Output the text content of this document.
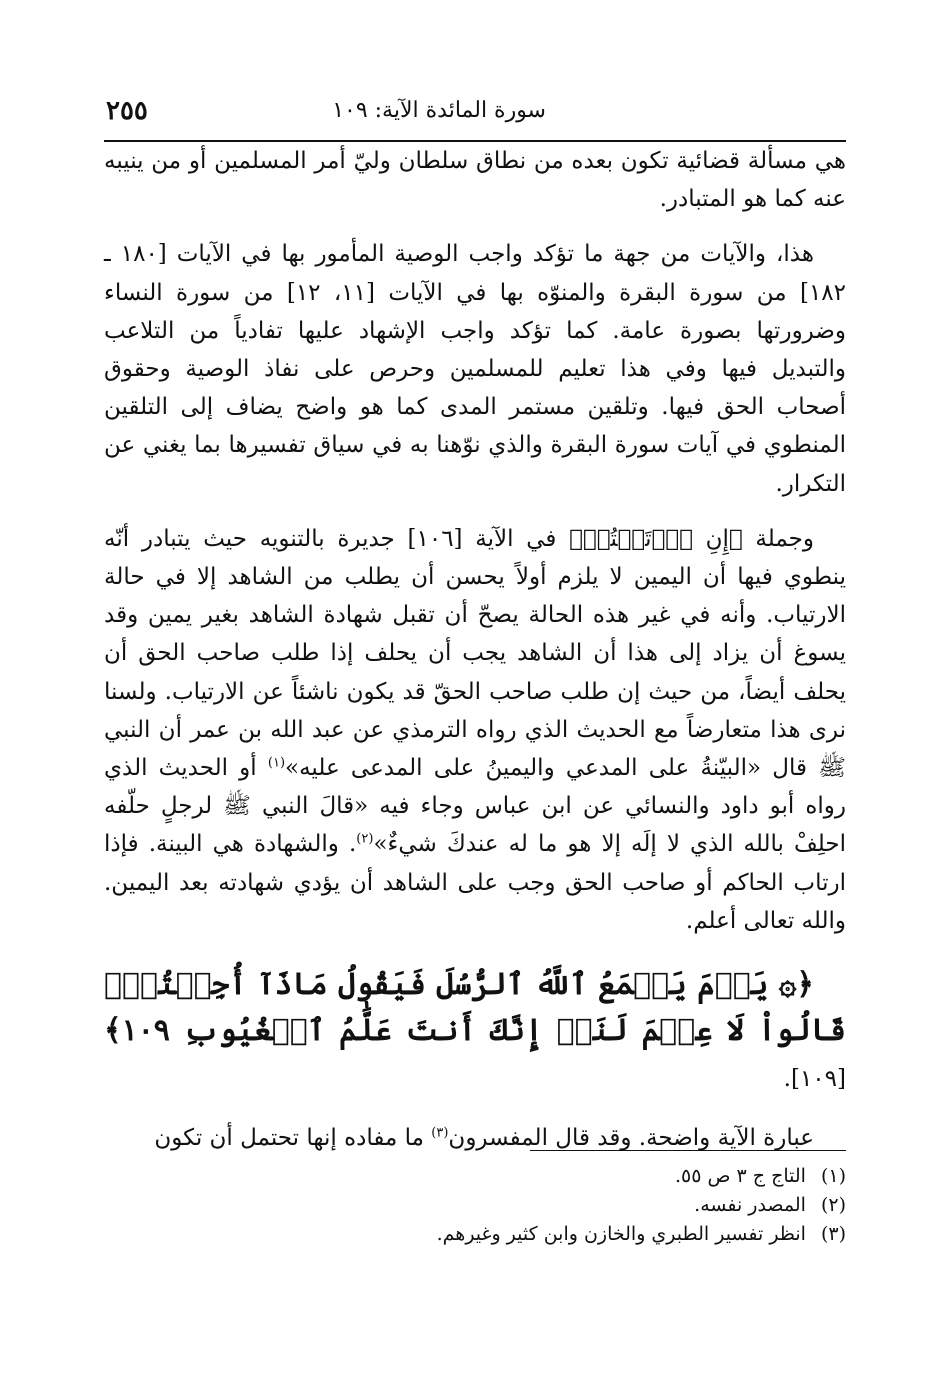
سورة المائدة الآية: ١٠٩
٢٥٥

هي مسألة قضائية تكون بعده من نطاق سلطان وليّ أمر المسلمين أو من ينيبه عنه كما هو المتبادر.

هذا، والآيات من جهة ما تؤكد واجب الوصية المأمور بها في الآيات [١٨٠ ـ ١٨٢] من سورة البقرة والمنوّه بها في الآيات [١١، ١٢] من سورة النساء وضرورتها بصورة عامة. كما تؤكد واجب الإشهاد عليها تفادياً من التلاعب والتبديل فيها وفي هذا تعليم للمسلمين وحرص على نفاذ الوصية وحقوق أصحاب الحق فيها. وتلقين مستمر المدى كما هو واضح يضاف إلى التلقين المنطوي في آيات سورة البقرة والذي نوّهنا به في سياق تفسيرها بما يغني عن التكرار.

وجملة ﴿إِنِ ٱرۡتَبۡتُمۡ﴾ في الآية [١٠٦] جديرة بالتنويه حيث يتبادر أنّه ينطوي فيها أن اليمين لا يلزم أولاً يحسن أن يطلب من الشاهد إلا في حالة الارتياب. وأنه في غير هذه الحالة يصحّ أن تقبل شهادة الشاهد بغير يمين وقد يسوغ أن يزاد إلى هذا أن الشاهد يجب أن يحلف إذا طلب صاحب الحق أن يحلف أيضاً، من حيث إن طلب صاحب الحقّ قد يكون ناشئاً عن الارتياب. ولسنا نرى هذا متعارضاً مع الحديث الذي رواه الترمذي عن عبد الله بن عمر أن النبي ﷺ قال «البيّنةُ على المدعي واليمينُ على المدعى عليه»$^{(١)}$ أو الحديث الذي رواه أبو داود والنسائي عن ابن عباس وجاء فيه «قالَ النبي ﷺ لرجلٍ حلّفه احلِفْ بالله الذي لا إلَه إلا هو ما له عندكَ شيءٌ»$^{(٢)}$. والشهادة هي البينة. فإذا ارتاب الحاكم أو صاحب الحق وجب على الشاهد أن يؤدي شهادته بعد اليمين. والله تعالى أعلم.

﴿۞ يَوۡمَ يَجۡمَعُ ٱللَّهُ ٱلرُّسُلَ فَيَقُولُ مَاذَآ أُجِبۡتُمۡۖ قَالُواْ لَا عِلۡمَ لَنَآۖ إِنَّكَ أَنتَ عَلَّٰمُ ٱلۡغُيُوبِ ١٠٩﴾ [١٠٩].

عبارة الآية واضحة. وقد قال المفسرون$^{(٣)}$ ما مفاده إنها تحتمل أن تكون

(١) التاج ج ٣ ص ٥٥.

(٢) المصدر نفسه.

(٣) انظر تفسير الطبري والخازن وابن كثير وغيرهم.
